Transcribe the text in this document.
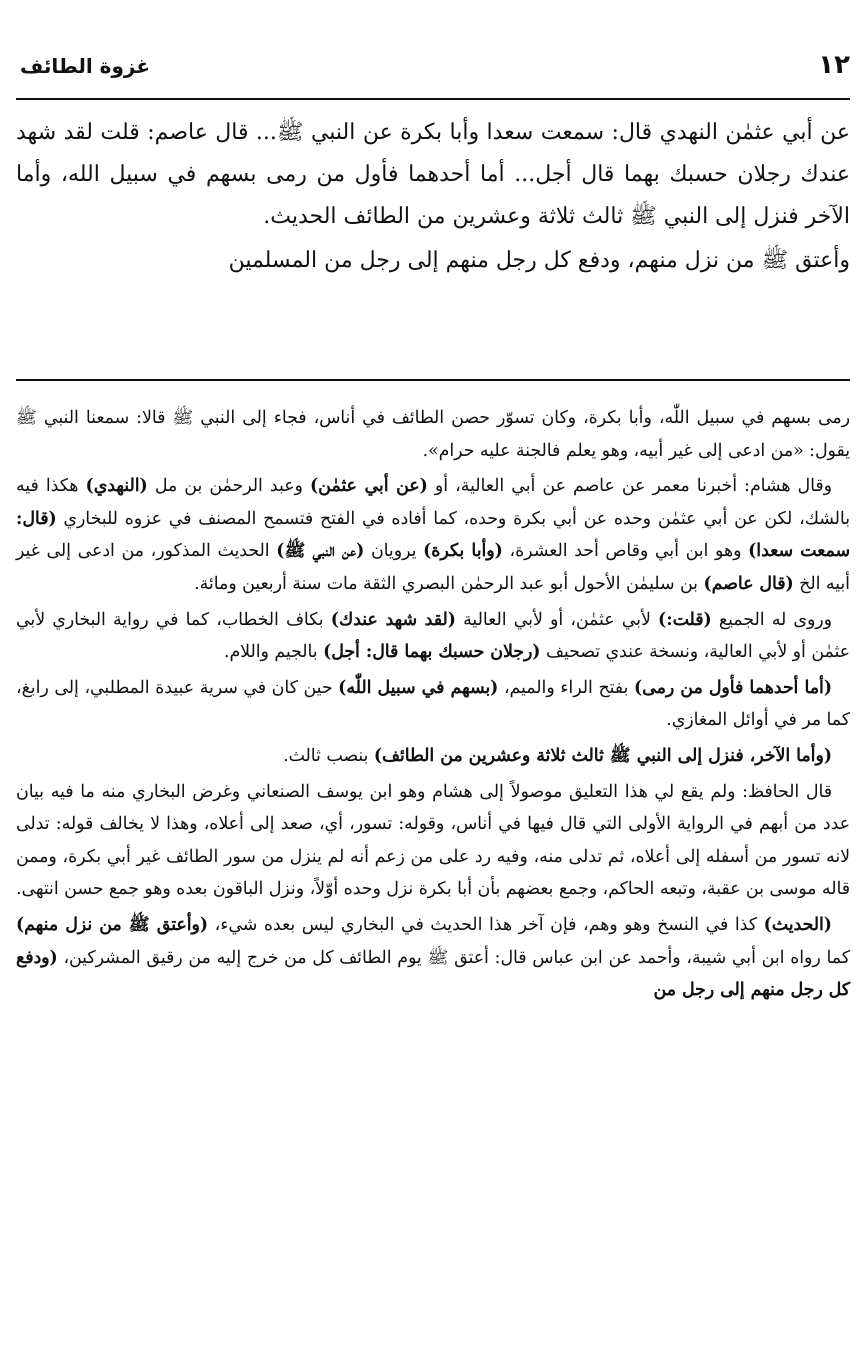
١٢
غزوة الطائف

عن أبي عثمٰن النهدي قال: سمعت سعدا وأبا بكرة عن النبي ﷺ... قال عاصم: قلت لقد شهد عندك رجلان حسبك بهما قال أجل... أما أحدهما فأول من رمى بسهم في سبيل الله، وأما الآخر فنزل إلى النبي ﷺ ثالث ثلاثة وعشرين من الطائف الحديث.

وأعتق ﷺ من نزل منهم، ودفع كل رجل منهم إلى رجل من المسلمين

رمى بسهم في سبيل اللّٰه، وأبا بكرة، وكان تسوّر حصن الطائف في أناس، فجاء إلى النبي ﷺ قالا: سمعنا النبي ﷺ يقول: «من ادعى إلى غير أبيه، وهو يعلم فالجنة عليه حرام».

وقال هشام: أخبرنا معمر عن عاصم عن أبي العالية، أو (عن أبي عثمٰن) وعبد الرحمٰن بن مل (النهدي) هكذا فيه بالشك، لكن عن أبي عثمٰن وحده عن أبي بكرة وحده، كما أفاده في الفتح فتسمح المصنف في عزوه للبخاري (قال: سمعت سعدا) وهو ابن أبي وقاص أحد العشرة، (وأبا بكرة) يرويان (عن النبي ﷺ) الحديث المذكور، من ادعى إلى غير أبيه الخ (قال عاصم) بن سليمٰن الأحول أبو عبد الرحمٰن البصري الثقة مات سنة أربعين ومائة.

وروى له الجميع (قلت:) لأبي عثمٰن، أو لأبي العالية (لقد شهد عندك) بكاف الخطاب، كما في رواية البخاري لأبي عثمٰن أو لأبي العالية، ونسخة عندي تصحيف (رجلان حسبك بهما قال: أجل) بالجيم واللام.

(أما أحدهما فأول من رمى) بفتح الراء والميم، (بسهم في سبيل اللّٰه) حين كان في سرية عبيدة المطلبي، إلى رابغ، كما مر في أوائل المغازي.

(وأما الآخر، فنزل إلى النبي ﷺ ثالث ثلاثة وعشرين من الطائف) بنصب ثالث.

قال الحافظ: ولم يقع لي هذا التعليق موصولاً إلى هشام وهو ابن يوسف الصنعاني وغرض البخاري منه ما فيه بيان عدد من أبهم في الرواية الأولى التي قال فيها في أناس، وقوله: تسور، أي، صعد إلى أعلاه، وهذا لا يخالف قوله: تدلى لانه تسور من أسفله إلى أعلاه، ثم تدلى منه، وفيه رد على من زعم أنه لم ينزل من سور الطائف غير أبي بكرة، وممن قاله موسى بن عقبة، وتبعه الحاكم، وجمع بعضهم بأن أبا بكرة نزل وحده أوّلاً، ونزل الباقون بعده وهو جمع حسن انتهى.

(الحديث) كذا في النسخ وهو وهم، فإن آخر هذا الحديث في البخاري ليس بعده شيء، (وأعتق ﷺ من نزل منهم) كما رواه ابن أبي شيبة، وأحمد عن ابن عباس قال: أعتق ﷺ يوم الطائف كل من خرج إليه من رقيق المشركين، (ودفع كل رجل منهم إلى رجل من
